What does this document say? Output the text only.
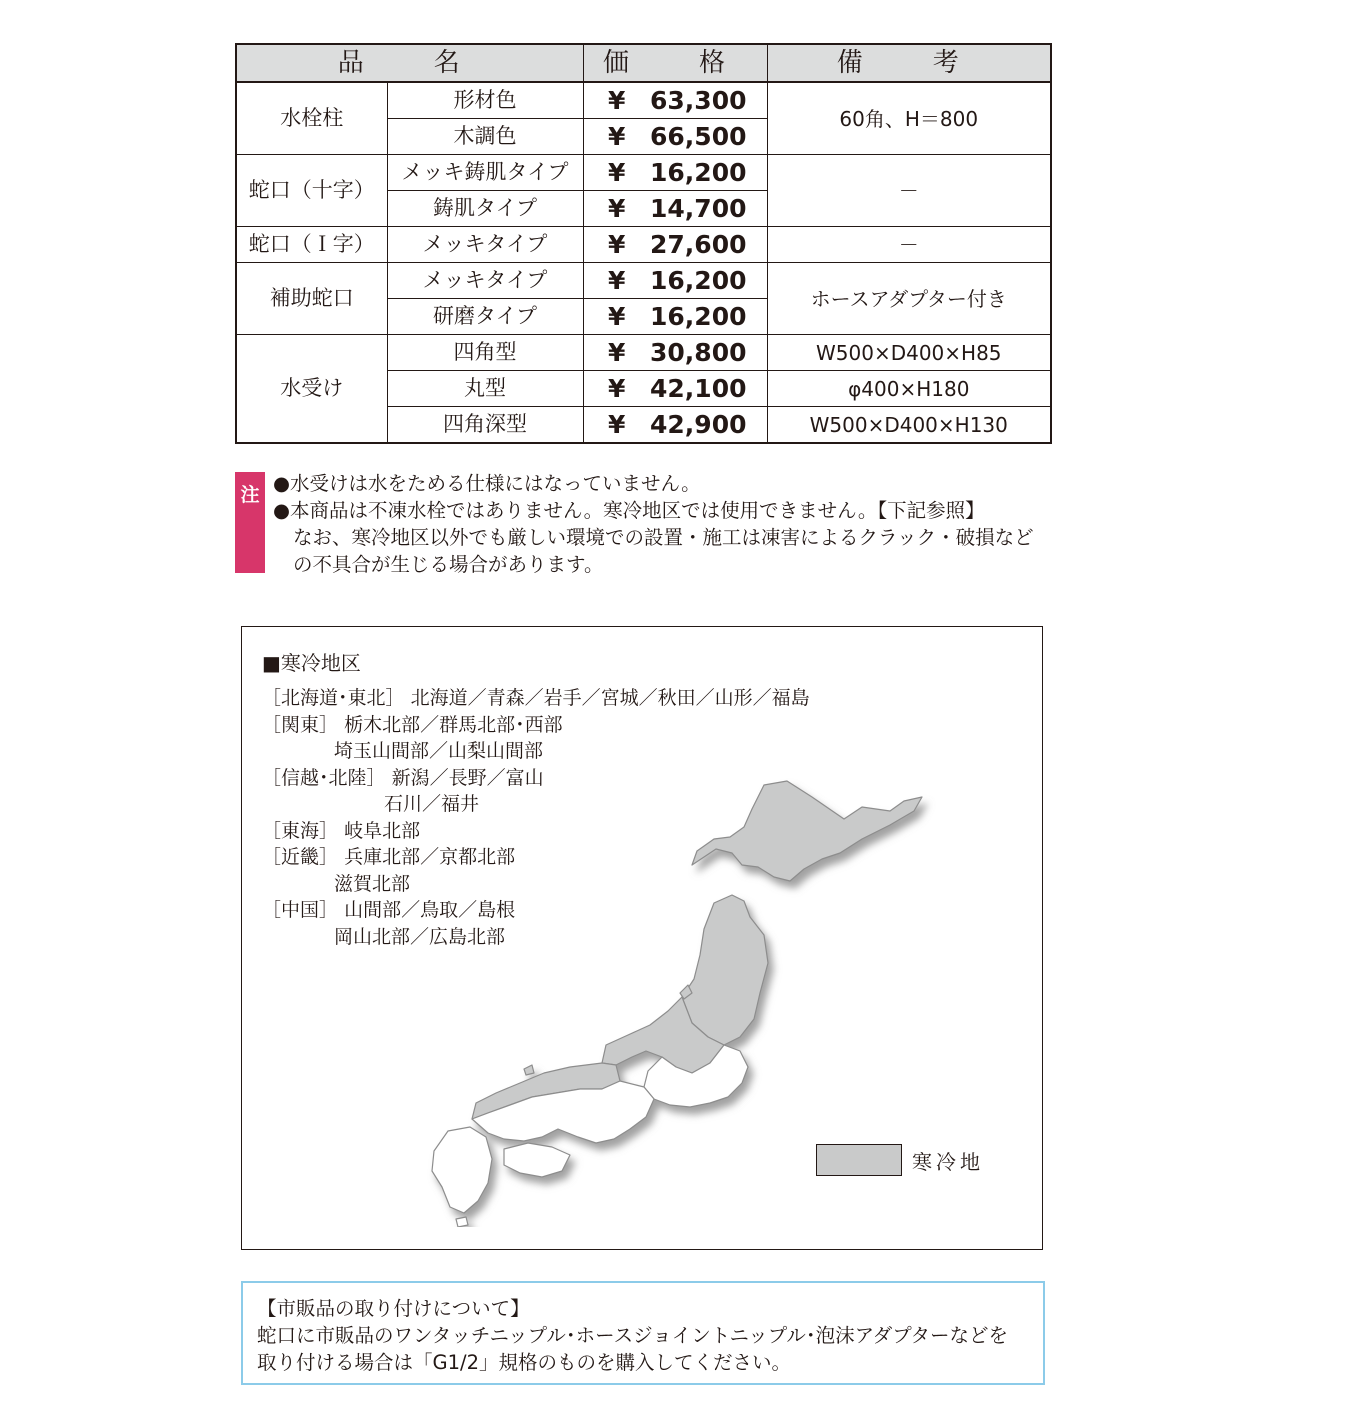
品　名		価　格	備　考
水栓柱	形材色	¥ 63,300	60角、H＝800
	木調色	¥ 66,500	
蛇口（十字）	メッキ鋳肌タイプ	¥ 16,200	－
	鋳肌タイプ	¥ 14,700	
蛇口（Ｉ字）	メッキタイプ	¥ 27,600	－
補助蛇口	メッキタイプ	¥ 16,200	ホースアダプター付き
	研磨タイプ	¥ 16,200	
水受け	四角型	¥ 30,800	W500×D400×H85
	丸型	¥ 42,100	φ400×H180
	四角深型	¥ 42,900	W500×D400×H130
注 ●水受けは水をためる仕様にはなっていません。
●本商品は不凍水栓ではありません。寒冷地区では使用できません。【下記参照】
なお、寒冷地区以外でも厳しい環境での設置・施工は凍害によるクラック・破損など
の不具合が生じる場合があります。
■寒冷地区
［北海道･東北］ 北海道／青森／岩手／宮城／秋田／山形／福島
［関東］ 栃木北部／群馬北部･西部
埼玉山間部／山梨山間部
［信越･北陸］ 新潟／長野／富山
石川／福井
［東海］ 岐阜北部
［近畿］ 兵庫北部／京都北部
滋賀北部
［中国］ 山間部／鳥取／島根
岡山北部／広島北部
寒冷地
【市販品の取り付けについて】
蛇口に市販品のワンタッチニップル･ホースジョイントニップル･泡沫アダプターなどを
取り付ける場合は「G1/2」規格のものを購入してください。
